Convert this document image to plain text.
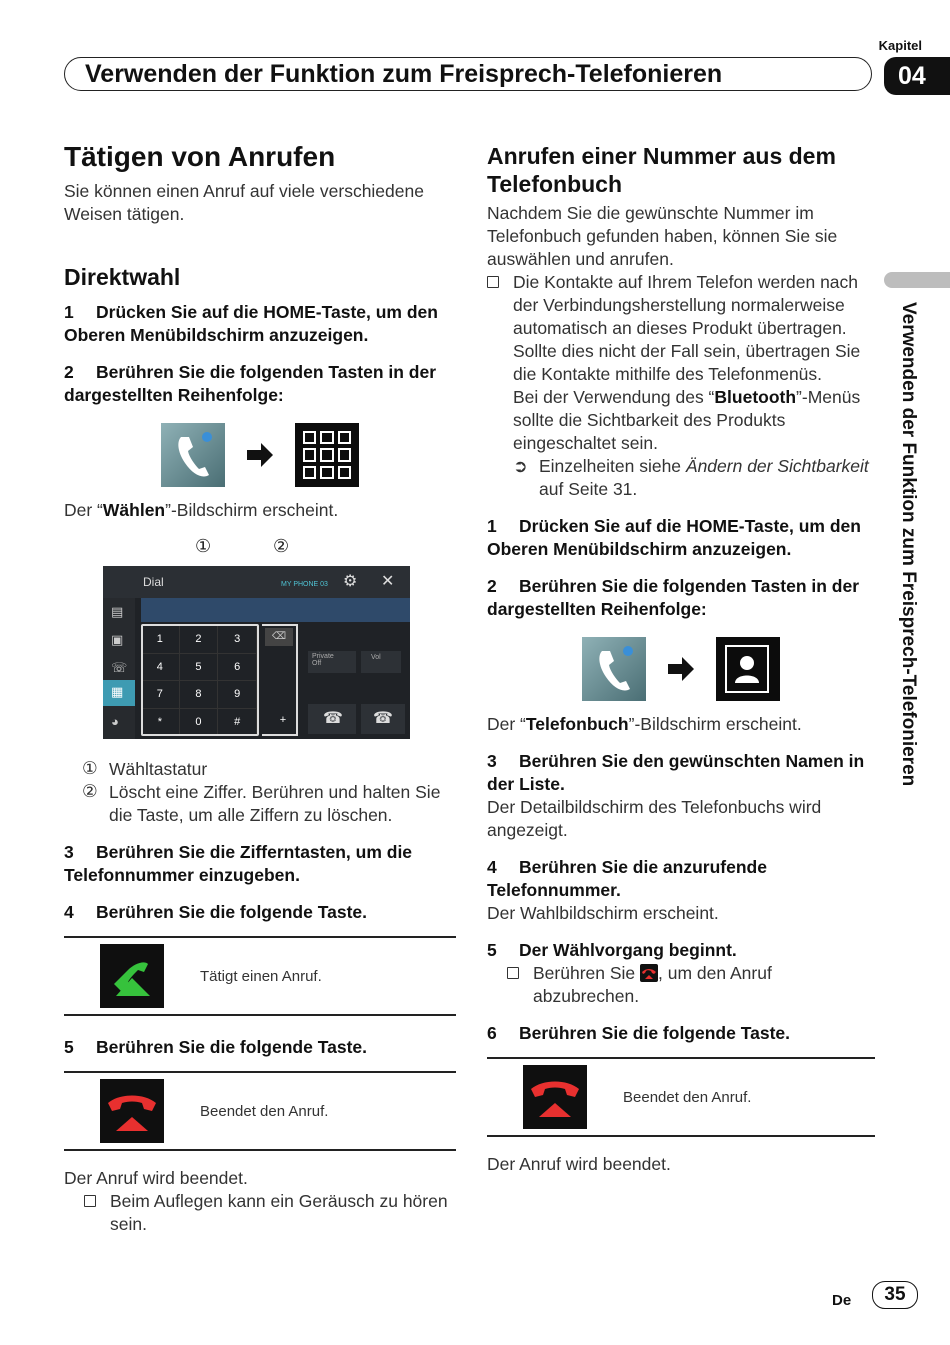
Kapitel
04
Verwenden der Funktion zum Freisprech-Telefonieren
Verwenden der Funktion zum Freisprech-Telefonieren
Tätigen von Anrufen

Sie können einen Anruf auf viele verschiedene Weisen tätigen.

Direktwahl

1 Drücken Sie auf die HOME-Taste, um den Oberen Menübildschirm anzuzeigen.

2 Berühren Sie die folgenden Tasten in der dargestellten Reihenfolge:

Der “Wählen”-Bildschirm erscheint.

①	②
Dial	MY PHONE 03 ⚙ ✕
▤
▣
☏
▦
◕
1	2	3
4	5	6
7	8	9
*	0	#
⌫
+
Private
Off
Vol
☎ ☎
① Wähltastatur
② Löscht eine Ziffer. Berühren und halten Sie die Taste, um alle Ziffern zu löschen.

3 Berühren Sie die Zifferntasten, um die Telefonnummer einzugeben.

4 Berühren Sie die folgende Taste.

Tätigt einen Anruf.

5 Berühren Sie die folgende Taste.

Beendet den Anruf.

Der Anruf wird beendet.

Beim Auflegen kann ein Geräusch zu hören sein.
Anrufen einer Nummer aus dem Telefonbuch

Nachdem Sie die gewünschte Nummer im Telefonbuch gefunden haben, können Sie sie auswählen und anrufen.

Die Kontakte auf Ihrem Telefon werden nach der Verbindungsherstellung normalerweise automatisch an dieses Produkt übertragen.
Sollte dies nicht der Fall sein, übertragen Sie die Kontakte mithilfe des Telefonmenüs.
Bei der Verwendung des “Bluetooth”-Menüs sollte die Sichtbarkeit des Produkts eingeschaltet sein.
➲ Einzelheiten siehe Ändern der Sichtbarkeit auf Seite 31.

1 Drücken Sie auf die HOME-Taste, um den Oberen Menübildschirm anzuzeigen.

2 Berühren Sie die folgenden Tasten in der dargestellten Reihenfolge:

Der “Telefonbuch”-Bildschirm erscheint.

3 Berühren Sie den gewünschten Namen in der Liste.

Der Detailbildschirm des Telefonbuchs wird angezeigt.

4 Berühren Sie die anzurufende Telefonnummer.

Der Wahlbildschirm erscheint.

5 Der Wählvorgang beginnt.

Berühren Sie , um den Anruf abzubrechen.

6 Berühren Sie die folgende Taste.

Beendet den Anruf.

Der Anruf wird beendet.

De	35
